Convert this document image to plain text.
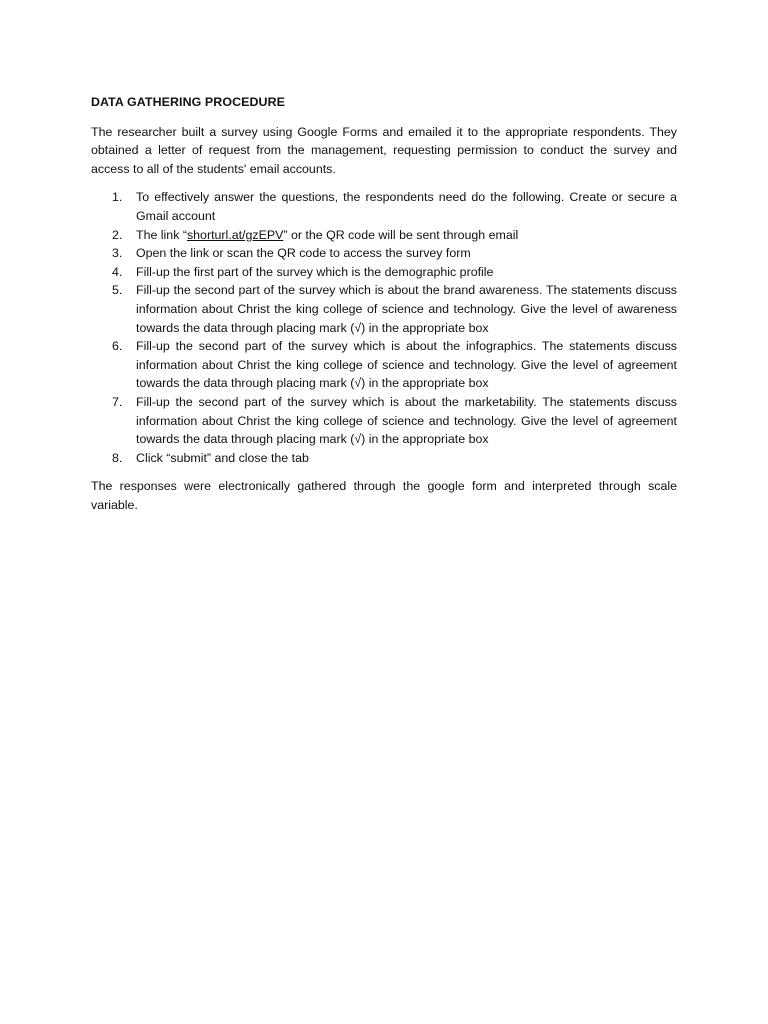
DATA GATHERING PROCEDURE

The researcher built a survey using Google Forms and emailed it to the appropriate respondents. They obtained a letter of request from the management, requesting permission to conduct the survey and access to all of the students' email accounts.

1. To effectively answer the questions, the respondents need do the following. Create or secure a Gmail account
2. The link “shorturl.at/gzEPV” or the QR code will be sent through email
3. Open the link or scan the QR code to access the survey form
4. Fill-up the first part of the survey which is the demographic profile
5. Fill-up the second part of the survey which is about the brand awareness. The statements discuss information about Christ the king college of science and technology. Give the level of awareness towards the data through placing mark (√) in the appropriate box
6. Fill-up the second part of the survey which is about the infographics. The statements discuss information about Christ the king college of science and technology. Give the level of agreement towards the data through placing mark (√) in the appropriate box
7. Fill-up the second part of the survey which is about the marketability. The statements discuss information about Christ the king college of science and technology. Give the level of agreement towards the data through placing mark (√) in the appropriate box
8. Click “submit” and close the tab

The responses were electronically gathered through the google form and interpreted through scale variable.
